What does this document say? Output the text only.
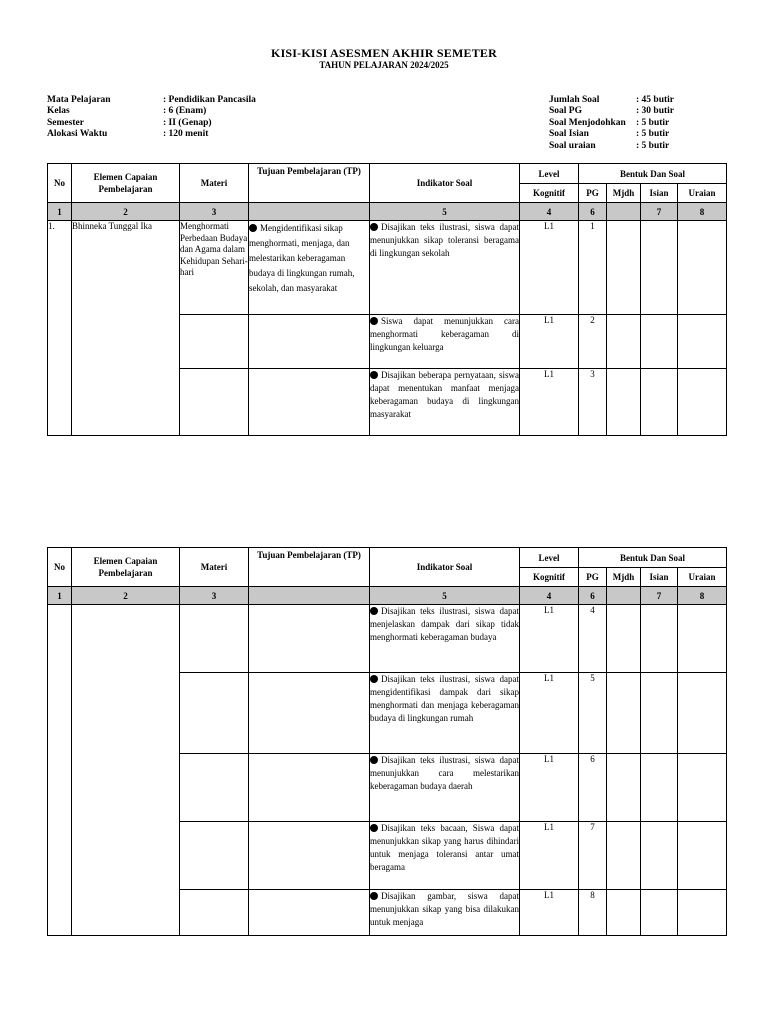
KISI-KISI ASESMEN AKHIR SEMETER
TAHUN PELAJARAN 2024/2025
Mata Pelajaran	: Pendidikan Pancasila
Kelas	: 6 (Enam)
Semester	: II (Genap)
Alokasi Waktu	: 120 menit
Jumlah Soal	: 45 butir
Soal PG	: 30 butir
Soal Menjodohkan	: 5 butir
Soal Isian	: 5 butir
Soal uraian	: 5 butir
No	Elemen Capaian Pembelajaran	Materi	Tujuan Pembelajaran (TP)	Indikator Soal	Level	Bentuk Dan Soal			
					Kognitif	PG	Mjdh	Isian	Uraian
1	2	3		5	4	6		7	8
1.	Bhinneka Tunggal Ika	Menghormati Perbedaan Budaya dan Agama dalam Kehidupan Sehari-hari	Mengidentifikasi sikap menghormati, menjaga, dan melestarikan keberagaman budaya di lingkungan rumah, sekolah, dan masyarakat	Disajikan teks ilustrasi, siswa dapat menunjukkan sikap toleransi beragama di lingkungan sekolah	L1	1			
				Siswa dapat menunjukkan cara menghormati keberagaman di lingkungan keluarga	L1	2			
				Disajikan beberapa pernyataan, siswa dapat menentukan manfaat menjaga keberagaman budaya di lingkungan masyarakat	L1	3			
No	Elemen Capaian Pembelajaran	Materi	Tujuan Pembelajaran (TP)	Indikator Soal	Level	Bentuk Dan Soal			
					Kognitif	PG	Mjdh	Isian	Uraian
1	2	3		5	4	6		7	8
				Disajikan teks ilustrasi, siswa dapat menjelaskan dampak dari sikap tidak menghormati keberagaman budaya	L1	4			
				Disajikan teks ilustrasi, siswa dapat mengidentifikasi dampak dari sikap menghormati dan menjaga keberagaman budaya di lingkungan rumah	L1	5			
				Disajikan teks ilustrasi, siswa dapat menunjukkan cara melestarikan keberagaman budaya daerah	L1	6			
				Disajikan teks bacaan, Siswa dapat menunjukkan sikap yang harus dihindari untuk menjaga toleransi antar umat beragama	L1	7			
				Disajikan gambar, siswa dapat menunjukkan sikap yang bisa dilakukan untuk menjaga	L1	8			
